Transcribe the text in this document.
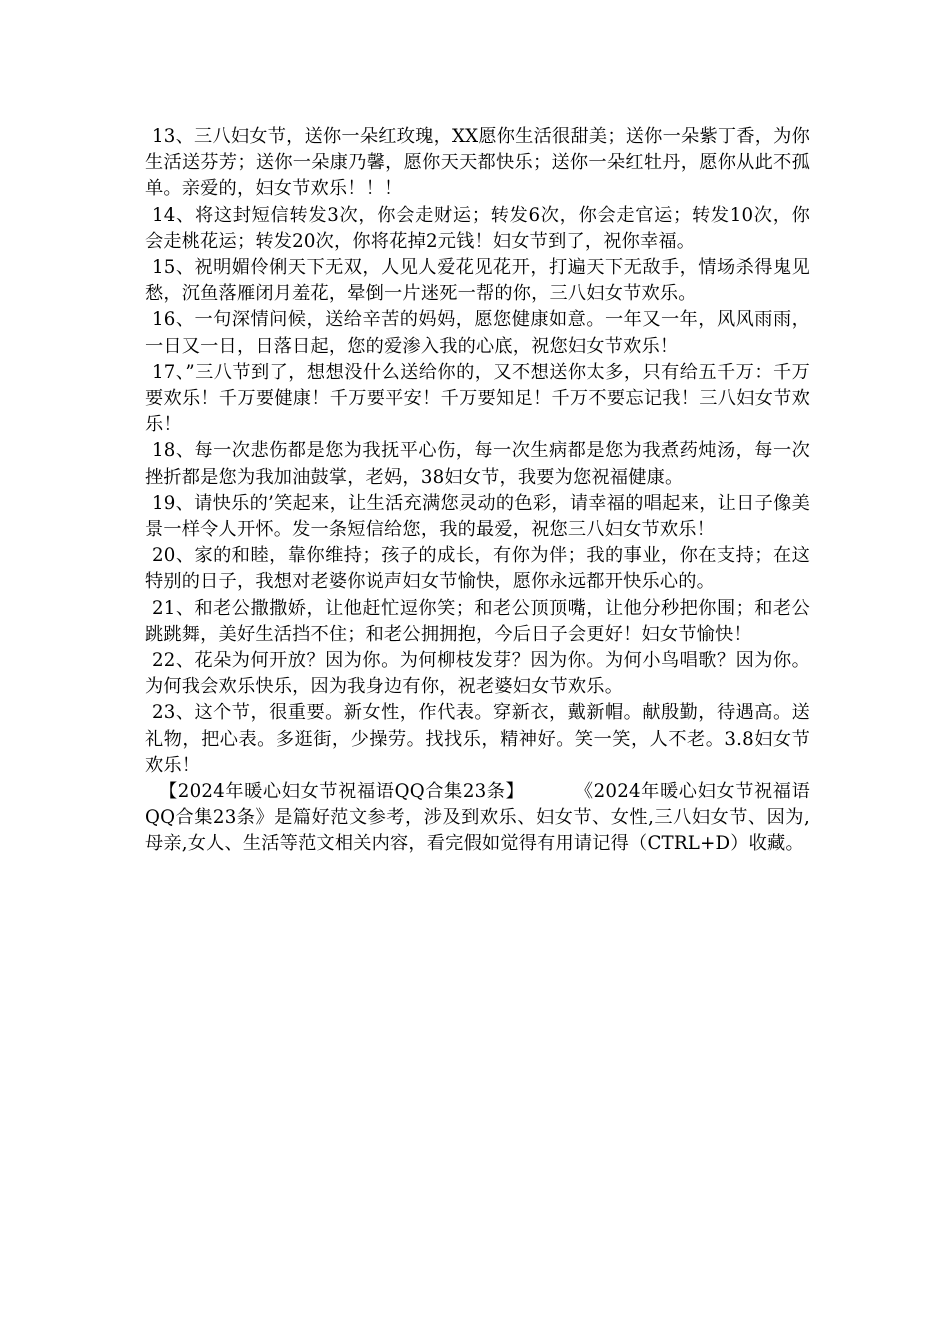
13、三八妇女节，送你一朵红玫瑰，XX愿你生活很甜美；送你一朵紫丁香，为你生活送芬芳；送你一朵康乃馨，愿你天天都快乐；送你一朵红牡丹，愿你从此不孤单。亲爱的，妇女节欢乐！！！

14、将这封短信转发3次，你会走财运；转发6次，你会走官运；转发10次，你会走桃花运；转发20次，你将花掉2元钱！妇女节到了，祝你幸福。

15、祝明媚伶俐天下无双，人见人爱花见花开，打遍天下无敌手，情场杀得鬼见愁，沉鱼落雁闭月羞花，晕倒一片迷死一帮的你，三八妇女节欢乐。

16、一句深情问候，送给辛苦的妈妈，愿您健康如意。一年又一年，风风雨雨，一日又一日，日落日起，您的爱渗入我的心底，祝您妇女节欢乐！

17、”三八节到了，想想没什么送给你的，又不想送你太多，只有给五千万：千万要欢乐！千万要健康！千万要平安！千万要知足！千万不要忘记我！三八妇女节欢乐！

18、每一次悲伤都是您为我抚平心伤，每一次生病都是您为我煮药炖汤，每一次挫折都是您为我加油鼓掌，老妈，38妇女节，我要为您祝福健康。

19、请快乐的’笑起来，让生活充满您灵动的色彩，请幸福的唱起来，让日子像美景一样令人开怀。发一条短信给您，我的最爱，祝您三八妇女节欢乐！

20、家的和睦，靠你维持；孩子的成长，有你为伴；我的事业，你在支持；在这特别的日子，我想对老婆你说声妇女节愉快，愿你永远都开快乐心的。

21、和老公撒撒娇，让他赶忙逗你笑；和老公顶顶嘴，让他分秒把你围；和老公跳跳舞，美好生活挡不住；和老公拥拥抱，今后日子会更好！妇女节愉快！

22、花朵为何开放？因为你。为何柳枝发芽？因为你。为何小鸟唱歌？因为你。为何我会欢乐快乐，因为我身边有你，祝老婆妇女节欢乐。

23、这个节，很重要。新女性，作代表。穿新衣，戴新帽。献殷勤，待遇高。送礼物，把心表。多逛街，少操劳。找找乐，精神好。笑一笑，人不老。3.8妇女节欢乐！

【2024年暖心妇女节祝福语QQ合集23条】	《2024年暖心妇女节祝福语QQ合集23条》是篇好范文参考，涉及到欢乐、妇女节、女性,三八妇女节、因为,母亲,女人、生活等范文相关内容，看完假如觉得有用请记得（CTRL+D）收藏。
